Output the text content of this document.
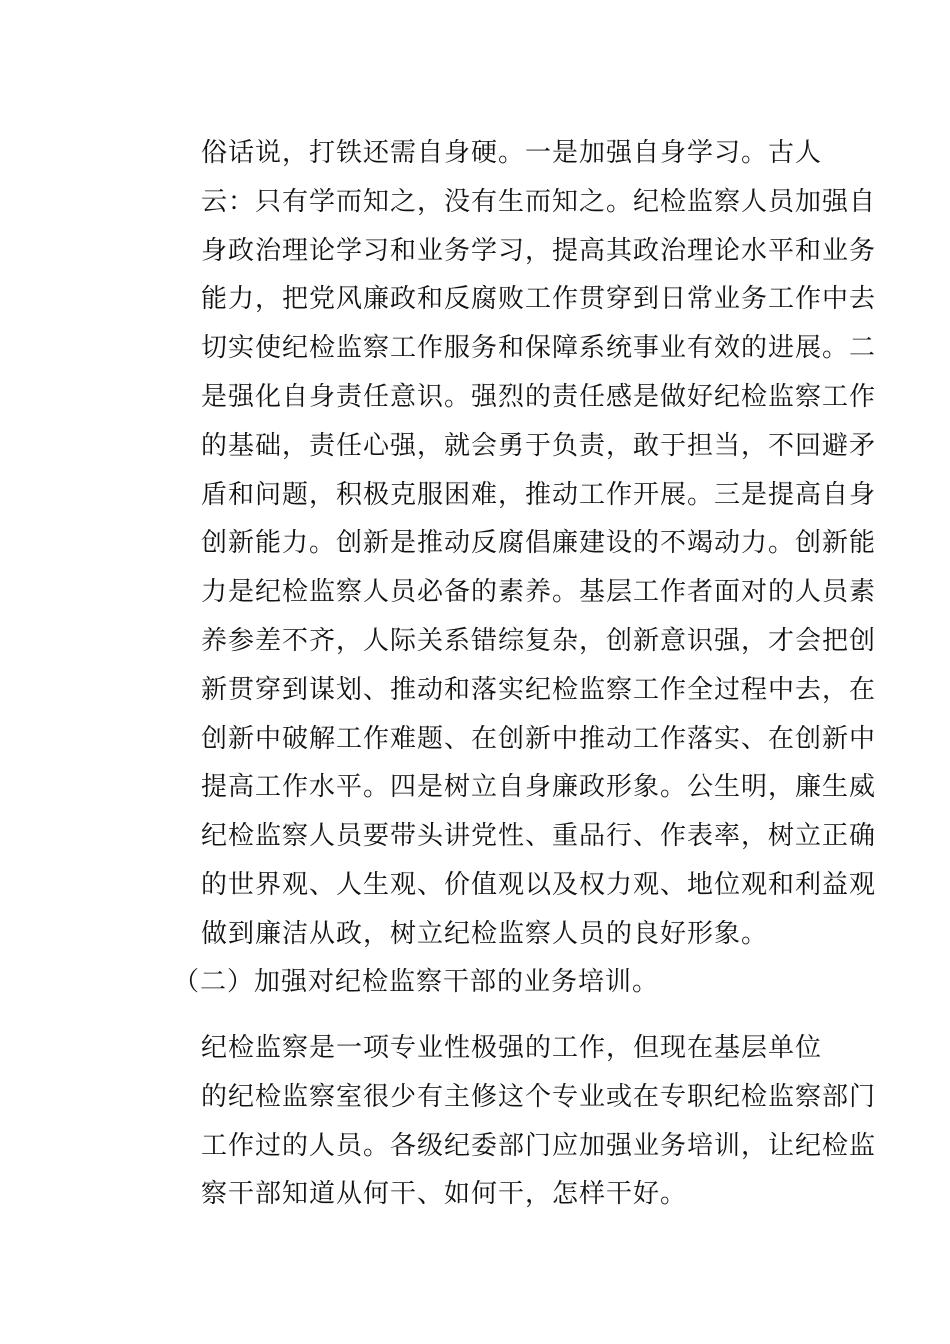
俗话说，打铁还需自身硬。一是加强自身学习。古人
云：只有学而知之，没有生而知之。纪检监察人员加强自
身政治理论学习和业务学习，提高其政治理论水平和业务
能力，把党风廉政和反腐败工作贯穿到日常业务工作中去
切实使纪检监察工作服务和保障系统事业有效的进展。二
是强化自身责任意识。强烈的责任感是做好纪检监察工作
的基础，责任心强，就会勇于负责，敢于担当，不回避矛
盾和问题，积极克服困难，推动工作开展。三是提高自身
创新能力。创新是推动反腐倡廉建设的不竭动力。创新能
力是纪检监察人员必备的素养。基层工作者面对的人员素
养参差不齐，人际关系错综复杂，创新意识强，才会把创
新贯穿到谋划、推动和落实纪检监察工作全过程中去，在
创新中破解工作难题、在创新中推动工作落实、在创新中
提高工作水平。四是树立自身廉政形象。公生明，廉生威
纪检监察人员要带头讲党性、重品行、作表率，树立正确
的世界观、人生观、价值观以及权力观、地位观和利益观
做到廉洁从政，树立纪检监察人员的良好形象。

（二）加强对纪检监察干部的业务培训。

纪检监察是一项专业性极强的工作，但现在基层单位
的纪检监察室很少有主修这个专业或在专职纪检监察部门
工作过的人员。各级纪委部门应加强业务培训，让纪检监
察干部知道从何干、如何干，怎样干好。
